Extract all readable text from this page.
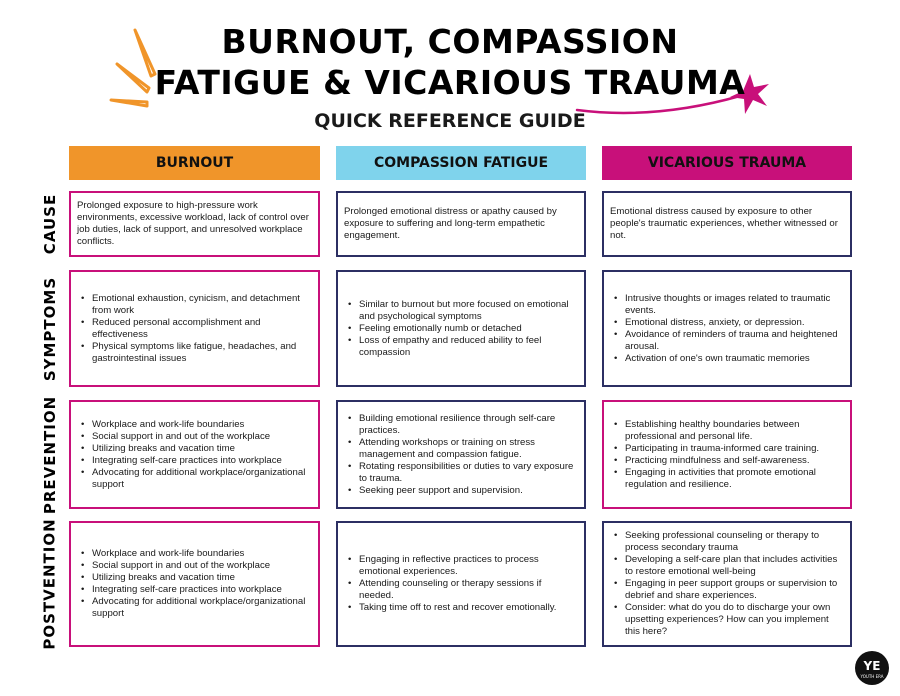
BURNOUT, COMPASSION
FATIGUE & VICARIOUS TRAUMA
QUICK REFERENCE GUIDE
BURNOUT	COMPASSION FATIGUE	VICARIOUS TRAUMA
CAUSE
SYMPTOMS
PREVENTION
POSTVENTION

Prolonged exposure to high-pressure work environments, excessive workload, lack of control over job duties, lack of support, and unresolved workplace conflicts.

Prolonged emotional distress or apathy caused by exposure to suffering and long-term empathetic engagement.

Emotional distress caused by exposure to other people's traumatic experiences, whether witnessed or not.

• Emotional exhaustion, cynicism, and detachment from work
• Reduced personal accomplishment and effectiveness
• Physical symptoms like fatigue, headaches, and gastrointestinal issues
• Similar to burnout but more focused on emotional and psychological symptoms
• Feeling emotionally numb or detached
• Loss of empathy and reduced ability to feel compassion
• Intrusive thoughts or images related to traumatic events.
• Emotional distress, anxiety, or depression.
• Avoidance of reminders of trauma and heightened arousal.
• Activation of one's own traumatic memories
• Workplace and work-life boundaries
• Social support in and out of the workplace
• Utilizing breaks and vacation time
• Integrating self-care practices into workplace
• Advocating for additional workplace/organizational support
• Building emotional resilience through self-care practices.
• Attending workshops or training on stress management and compassion fatigue.
• Rotating responsibilities or duties to vary exposure to trauma.
• Seeking peer support and supervision.
• Establishing healthy boundaries between professional and personal life.
• Participating in trauma-informed care training.
• Practicing mindfulness and self-awareness.
• Engaging in activities that promote emotional regulation and resilience.
• Workplace and work-life boundaries
• Social support in and out of the workplace
• Utilizing breaks and vacation time
• Integrating self-care practices into workplace
• Advocating for additional workplace/organizational support
• Engaging in reflective practices to process emotional experiences.
• Attending counseling or therapy sessions if needed.
• Taking time off to rest and recover emotionally.
• Seeking professional counseling or therapy to process secondary trauma
• Developing a self-care plan that includes activities to restore emotional well-being
• Engaging in peer support groups or supervision to debrief and share experiences.
• Consider: what do you do to discharge your own upsetting experiences? How can you implement this here?
YE
YOUTH ERA
